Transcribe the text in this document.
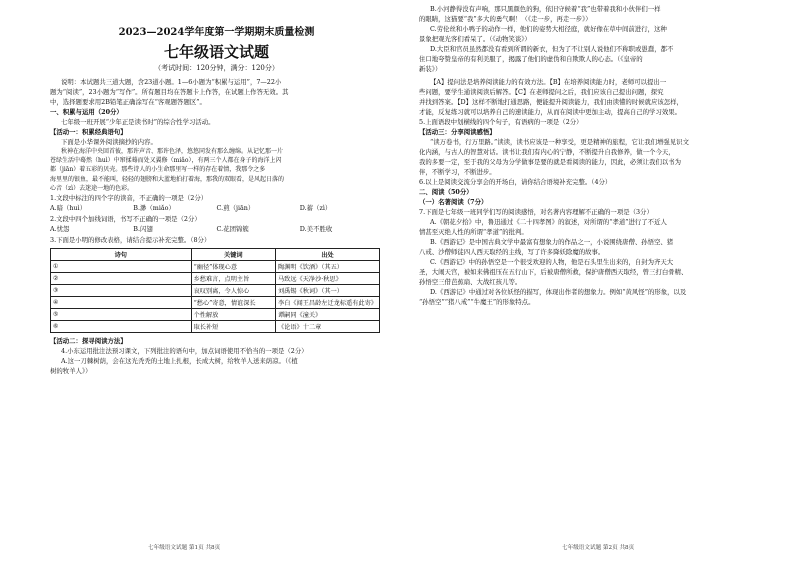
2023—2024学年度第一学期期末质量检测
七年级语文试题
（考试时间：120分钟，满分：120分）
说明：本试题共三道大题，含23道小题。1—6小题为“积累与运用”，7—22小
题为“阅读”，23小题为“写作”。所有题目均在答题卡上作答，在试题上作答无效。其
中，选择题要求用2B铅笔正确涂写在“客观题答题区”。
一、积累与运用（20分）
七年级一班开展“少年正是读书时”的综合性学习活动。
【活动一：积累经典语句】
下面是小华课外阅读摘抄的内容。
秋神在海洋中央回首彼，那许声音、那许色泽，悠悠同发有那么缠绵。从记忆那一片
苍绿生活中蓦然（huì）中窜揉蓦而处又翼修（miǎo），有两三个人都在身子的海洋上闪
都（jiān）着五彩的贝壳。那些诗人的小生命那里写一样的存在着情，我那令之多
海里里的银鱼，最不能叫，轻轻的翅膀和大蓝地拍打着海，那我的双眼看，是风起日落的
心音（zì）去迷途一地的色彩。
1.文段中标注的四个字的读音，不正确的一项是（2分）
A.暗（huì）	B.渺（miǎo）	C.煎（jiān）	D.蓄（zì）
2.文段中四个加线词语，书写不正确的一项是（2分）
A.忧怨	B.闪翅	C.花团锦簇	D.美不胜收
3.下面是小明的修改表格，请结合提示补充完整。（8分）
诗句	关键词	出处
①	“幽径”体现心意	陶渊明《饮酒》（其五）
②	乡愁难言，点明主旨	马致远《天净沙·秋思》
③	哀叹别离，令人惊心	刘禹锡《秋词》（其一）
④	“愁心”寄意，情谊深长	李白《闻王昌龄左迁龙标遥有此寄》
⑤	个性解放	谭嗣同《潼关》
⑥	取长补短	《论语》十二章
【活动二：探寻阅读方法】
4.小东运用批注法预习课文，下列批注的语句中，加点词语使用不恰当的一项是（2分）
A.这一刀棘树荫，会在这光秃秃的土地上扎根，长成大树，给牧羊人送来荫凉。（《植
树的牧羊人》）
七年级语文试题 第1页 共8页
B.小河静得没有声响，那只黑颜色的狗，依旧守候着“我”也带着我和小伙伴们一样
的眼睛，这猫要“我”多大的勇气啊！（《走一步，再走一步》）
C.劳伦丝和小鸭子的动作一样，他们的姿势大相径庭，就好像在草中间前进行，这种
景象把观光客们看呆了。（《动物笑谈》）
D.大臣和官员虽然都没有看到所谓的新衣，但为了不让别人说他们不称职或愚蠢，都不
住口地夸赞皇帝的有利美服了，揭露了他们的虚伪和自欺欺人的心态。（《皇帝的
新装》）
【A】提问法是培养阅读能力的有效方法。【B】在培养阅读能力时，老师可以提出一
些问题，要学生通读阅读后解答。【C】在老师提问之后，我们应该自己提出问题，探究
并找到答案。【D】这样不断地打通思路，便能提升阅读能力，我们由读懂的时候就应该怎样，
才能，反复练习就可以培养自己的速读能力，从而在阅读中更加主动，提高自己的学习效果。
5.上面语段中划横线的四个句子，有语病的一项是（2分）
【活动三：分享阅读感悟】
“读万卷书，行万里路。”读读，读书应该是一种享受，更是精神的旅程，它让我们增强见识文
化内涵，与古人的智慧对话。读书让我们有内心的宁静，不断提升自我修养，做一个今天，
我的多要一定，至于我的父母为分学做事是要的就是看阅读的能力，因此，必须让我们以书为
伴，不断学习，不断进步。
6.以上是阅读交流分享会的开场白，请你结合语境补充完整。（4分）
二、阅读（50分）
（一）名著阅读（7分）
7.下面是七年级一班同学们写的阅读感悟，对名著内容理解不正确的一项是（3分）
A.《朝花夕拾》中，鲁迅通过《二十四孝图》的叙述，对所谓的“孝道”进行了不近人
情甚至灭绝人性的所谓“孝道”的批判。
B.《西游记》是中国古典文学中最富有想象力的作品之一，小说围绕唐僧、孙悟空、猪
八戒、沙僧师徒四人西天取经的主线，写了许多降妖除魔的故事。
C.《西游记》中的孙悟空是一个很受欢迎的人物，他是石头里生出来的，自封为齐天大
圣，大闹天宫，被如来佛祖压在五行山下，后被唐僧所救，保护唐僧西天取经，曾三打白骨精、
孙悟空三借芭蕉扇、大战红孩儿等。
D.《西游记》中通过对各位妖怪的描写，体现出作者的想象力。例如“黄风怪”的形象，以及
“孙悟空”“猪八戒”“牛魔王”的形象特点。
七年级语文试题 第2页 共8页
